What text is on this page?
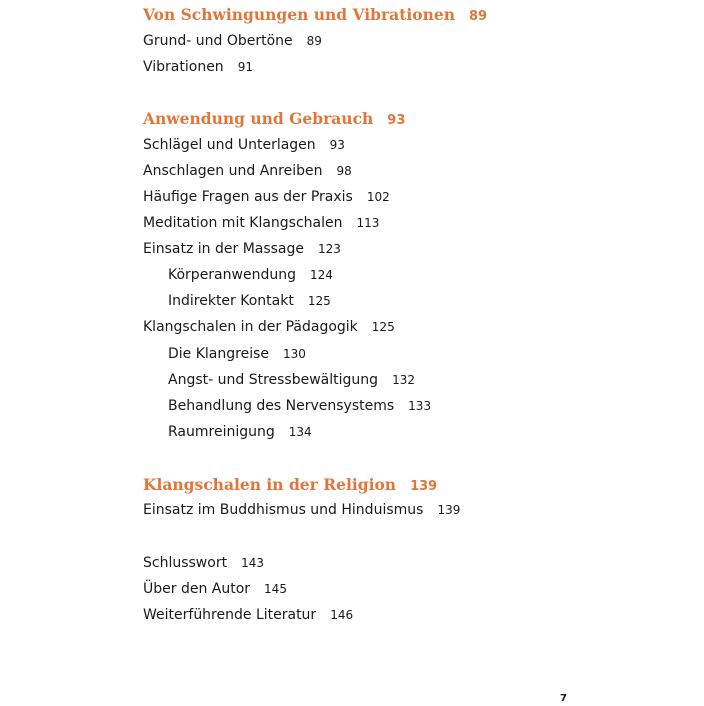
Von Schwingungen und Vibrationen 89
Grund- und Obertöne 89
Vibrationen 91
Anwendung und Gebrauch 93
Schlägel und Unterlagen 93
Anschlagen und Anreiben 98
Häufige Fragen aus der Praxis 102
Meditation mit Klangschalen 113
Einsatz in der Massage 123
Körperanwendung 124
Indirekter Kontakt 125
Klangschalen in der Pädagogik 125
Die Klangreise 130
Angst- und Stressbewältigung 132
Behandlung des Nervensystems 133
Raumreinigung 134
Klangschalen in der Religion 139
Einsatz im Buddhismus und Hinduismus 139
Schlusswort 143
Über den Autor 145
Weiterführende Literatur 146
7
